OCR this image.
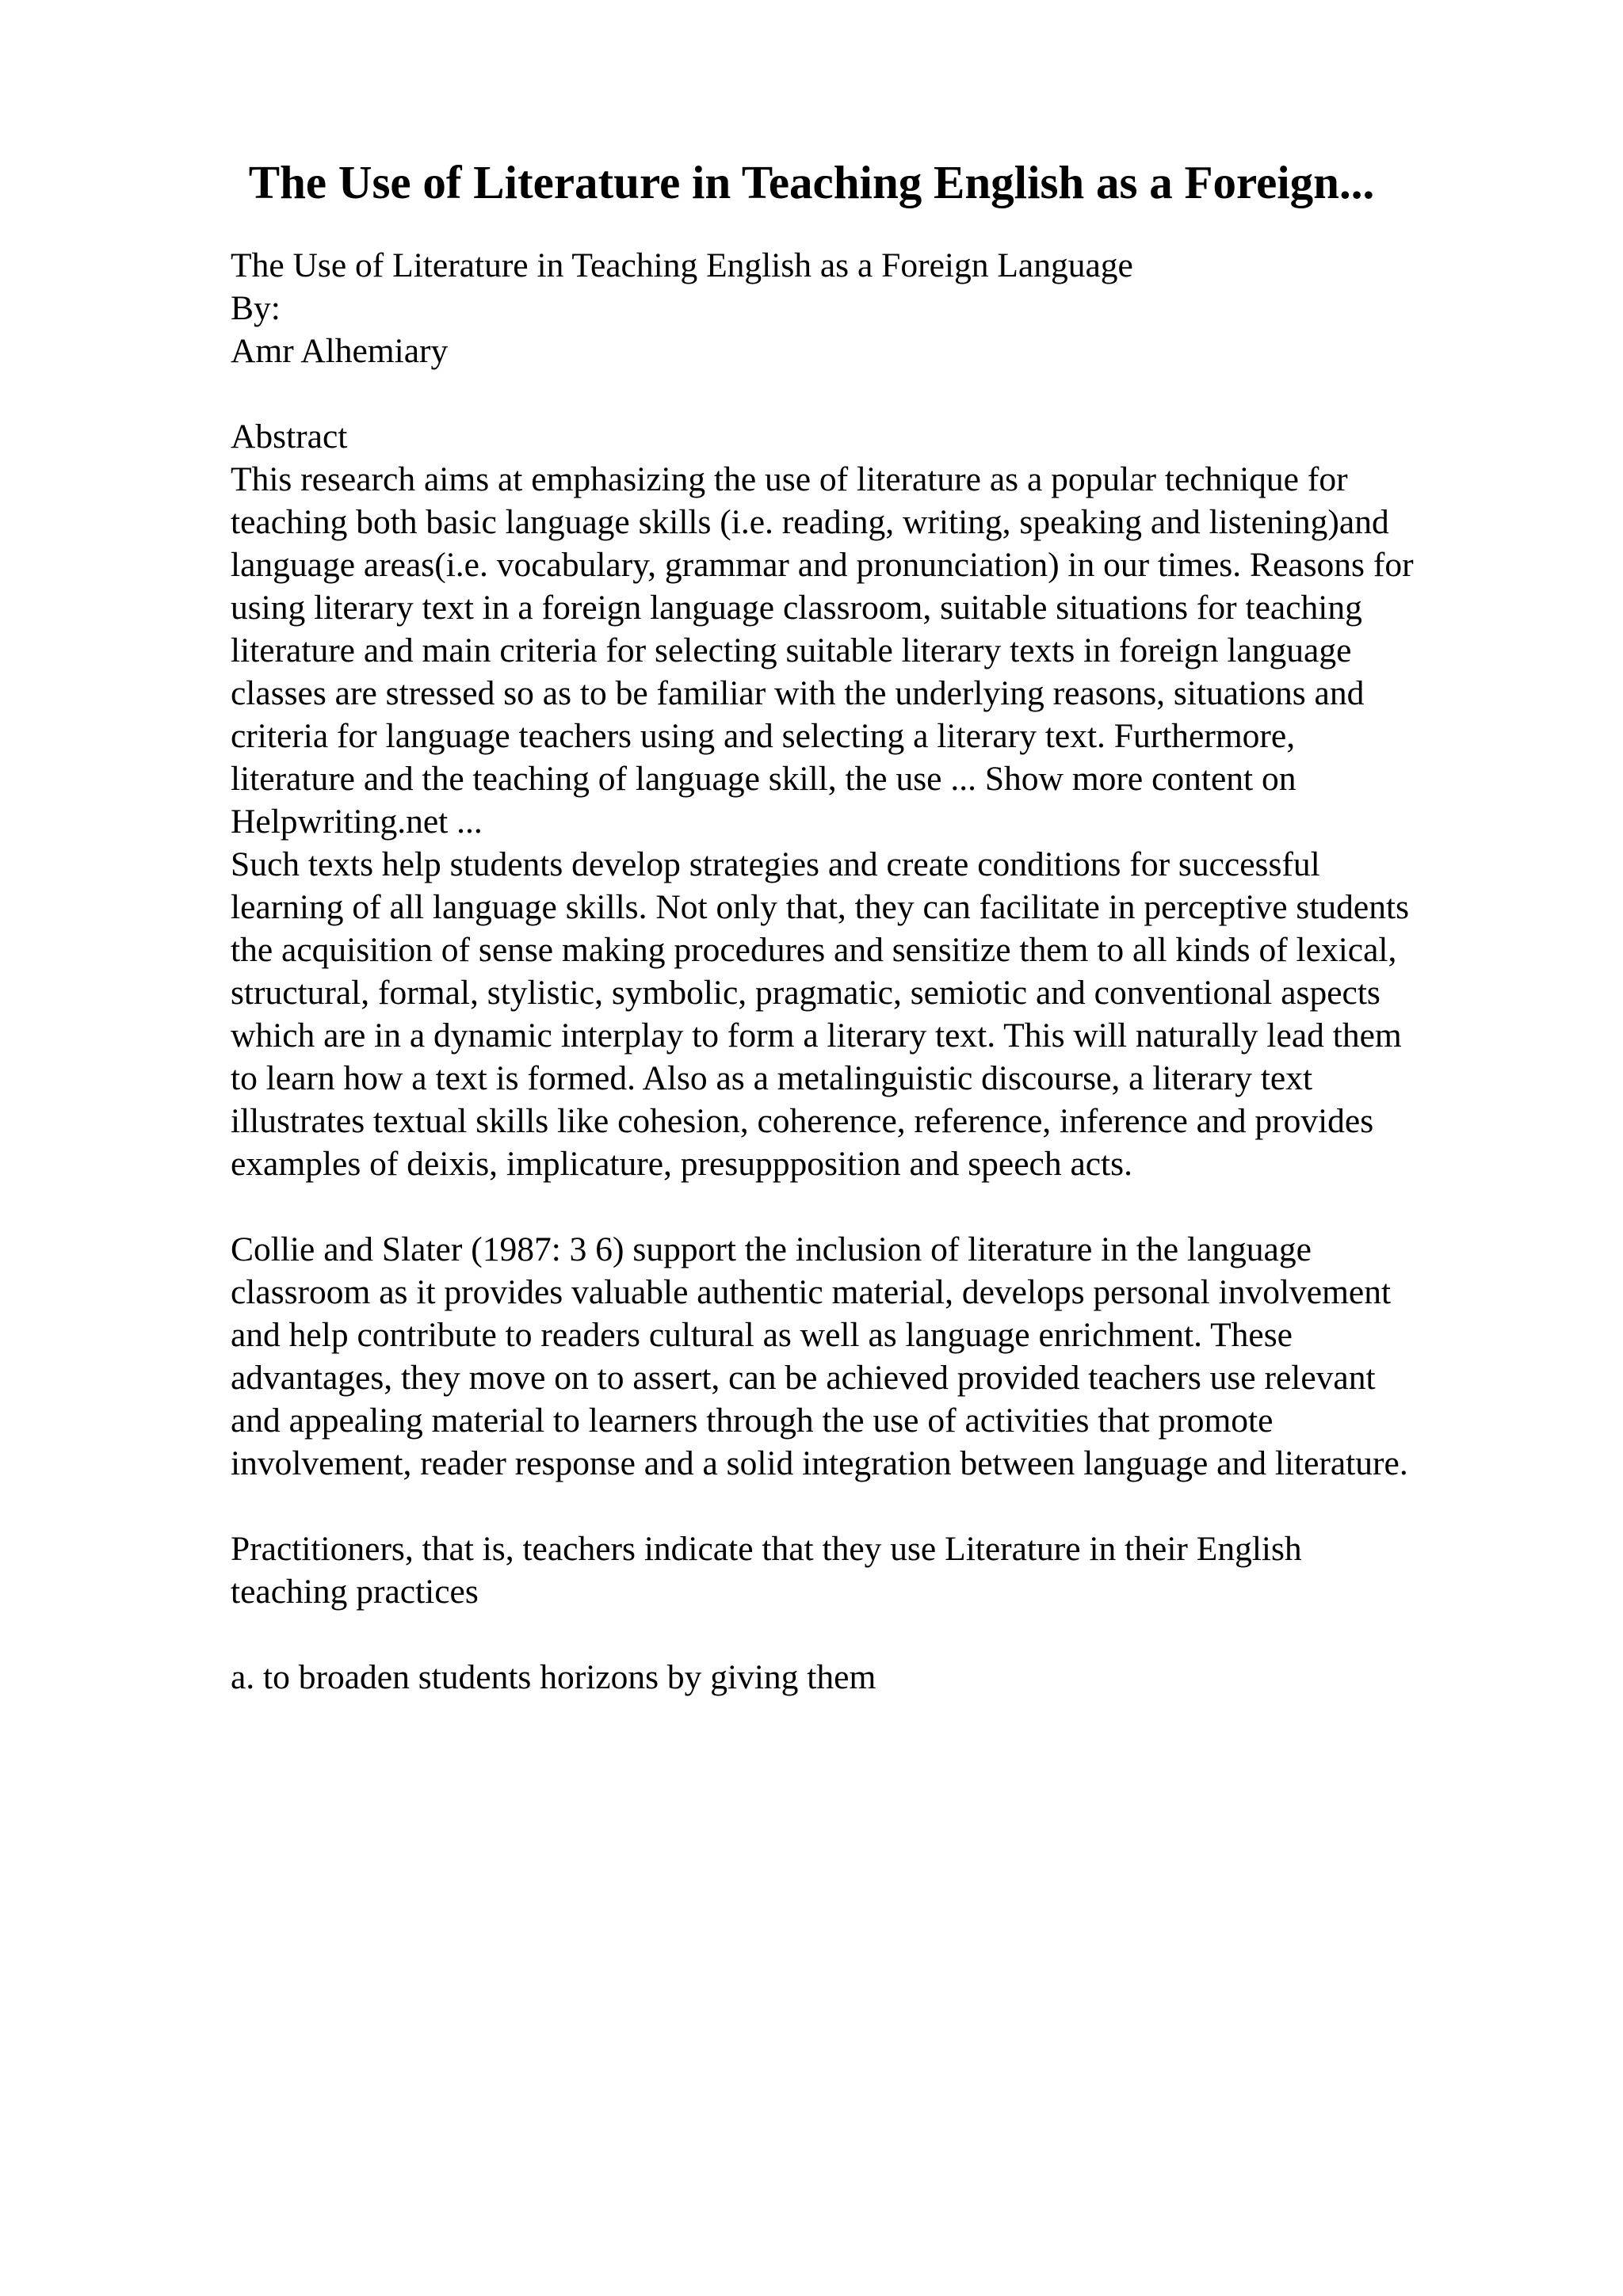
The Use of Literature in Teaching English as a Foreign...
The Use of Literature in Teaching English as a Foreign Language
By:
Amr Alhemiary
Abstract
This research aims at emphasizing the use of literature as a popular technique for
teaching both basic language skills (i.e. reading, writing, speaking and listening)and
language areas(i.e. vocabulary, grammar and pronunciation) in our times. Reasons for
using literary text in a foreign language classroom, suitable situations for teaching
literature and main criteria for selecting suitable literary texts in foreign language
classes are stressed so as to be familiar with the underlying reasons, situations and
criteria for language teachers using and selecting a literary text. Furthermore,
literature and the teaching of language skill, the use ... Show more content on
Helpwriting.net ...
Such texts help students develop strategies and create conditions for successful
learning of all language skills. Not only that, they can facilitate in perceptive students
the acquisition of sense making procedures and sensitize them to all kinds of lexical,
structural, formal, stylistic, symbolic, pragmatic, semiotic and conventional aspects
which are in a dynamic interplay to form a literary text. This will naturally lead them
to learn how a text is formed. Also as a metalinguistic discourse, a literary text
illustrates textual skills like cohesion, coherence, reference, inference and provides
examples of deixis, implicature, presuppposition and speech acts.
Collie and Slater (1987: 3 6) support the inclusion of literature in the language
classroom as it provides valuable authentic material, develops personal involvement
and help contribute to readers cultural as well as language enrichment. These
advantages, they move on to assert, can be achieved provided teachers use relevant
and appealing material to learners through the use of activities that promote
involvement, reader response and a solid integration between language and literature.
Practitioners, that is, teachers indicate that they use Literature in their English
teaching practices
a. to broaden students horizons by giving them
